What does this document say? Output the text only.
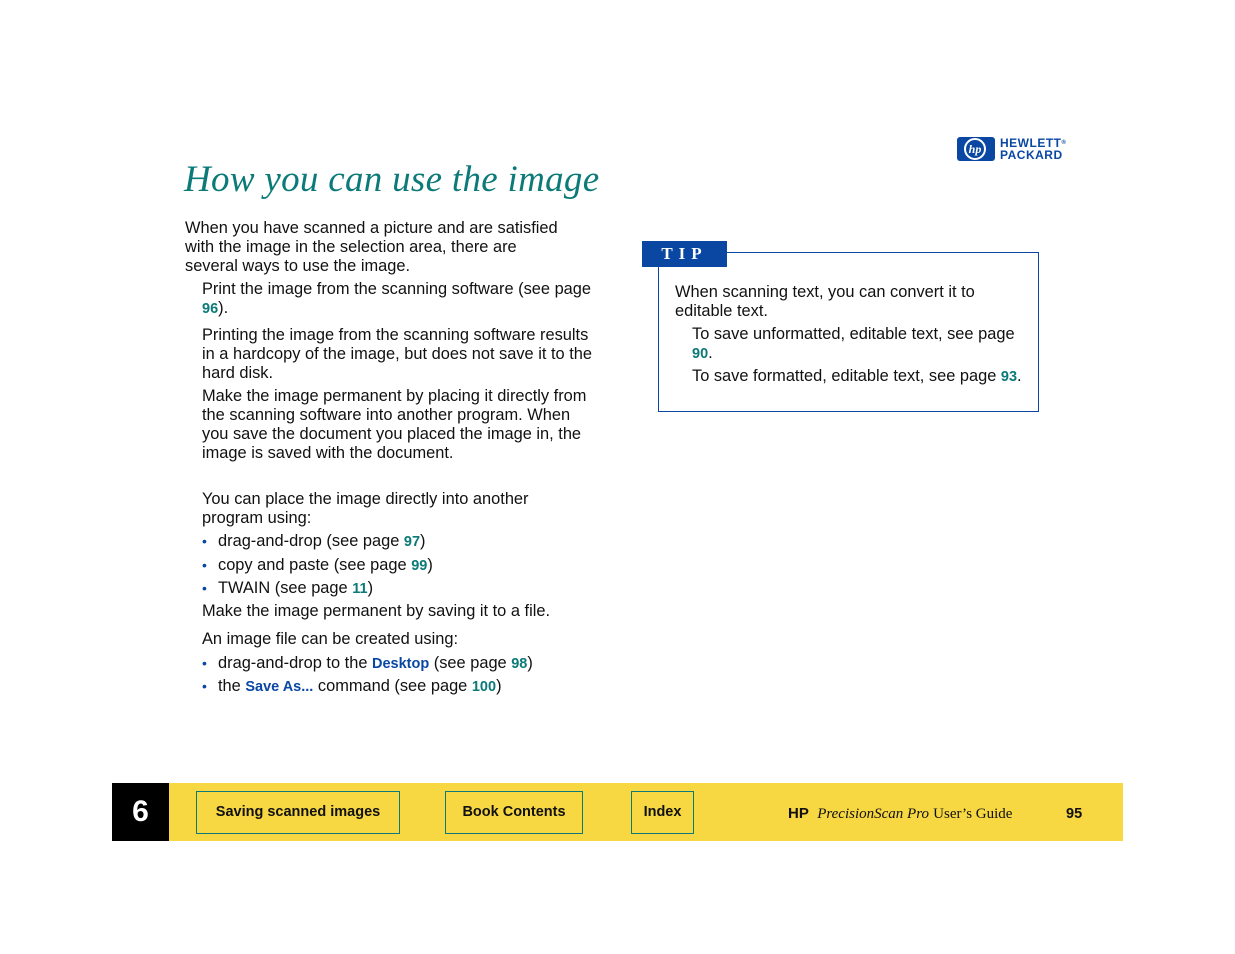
hp	HEWLETT®
PACKARD
How you can use the image
When you have scanned a picture and are satisfied with the image in the selection area, there are several ways to use the image.
Print the image from the scanning software (see page 96).
Printing the image from the scanning software results in a hardcopy of the image, but does not save it to the hard disk.
Make the image permanent by placing it directly from the scanning software into another program. When you save the document you placed the image in, the image is saved with the document.
You can place the image directly into another program using:
• drag-and-drop (see page 97)
• copy and paste (see page 99)
• TWAIN (see page 11)
Make the image permanent by saving it to a file.
An image file can be created using:
• drag-and-drop to the Desktop (see page 98)
• the Save As... command (see page 100)
TIP
When scanning text, you can convert it to editable text.
To save unformatted, editable text, see page 90.
To save formatted, editable text, see page 93.
6	Saving scanned images	Book Contents	Index	HP PrecisionScan Pro User’s Guide	95
